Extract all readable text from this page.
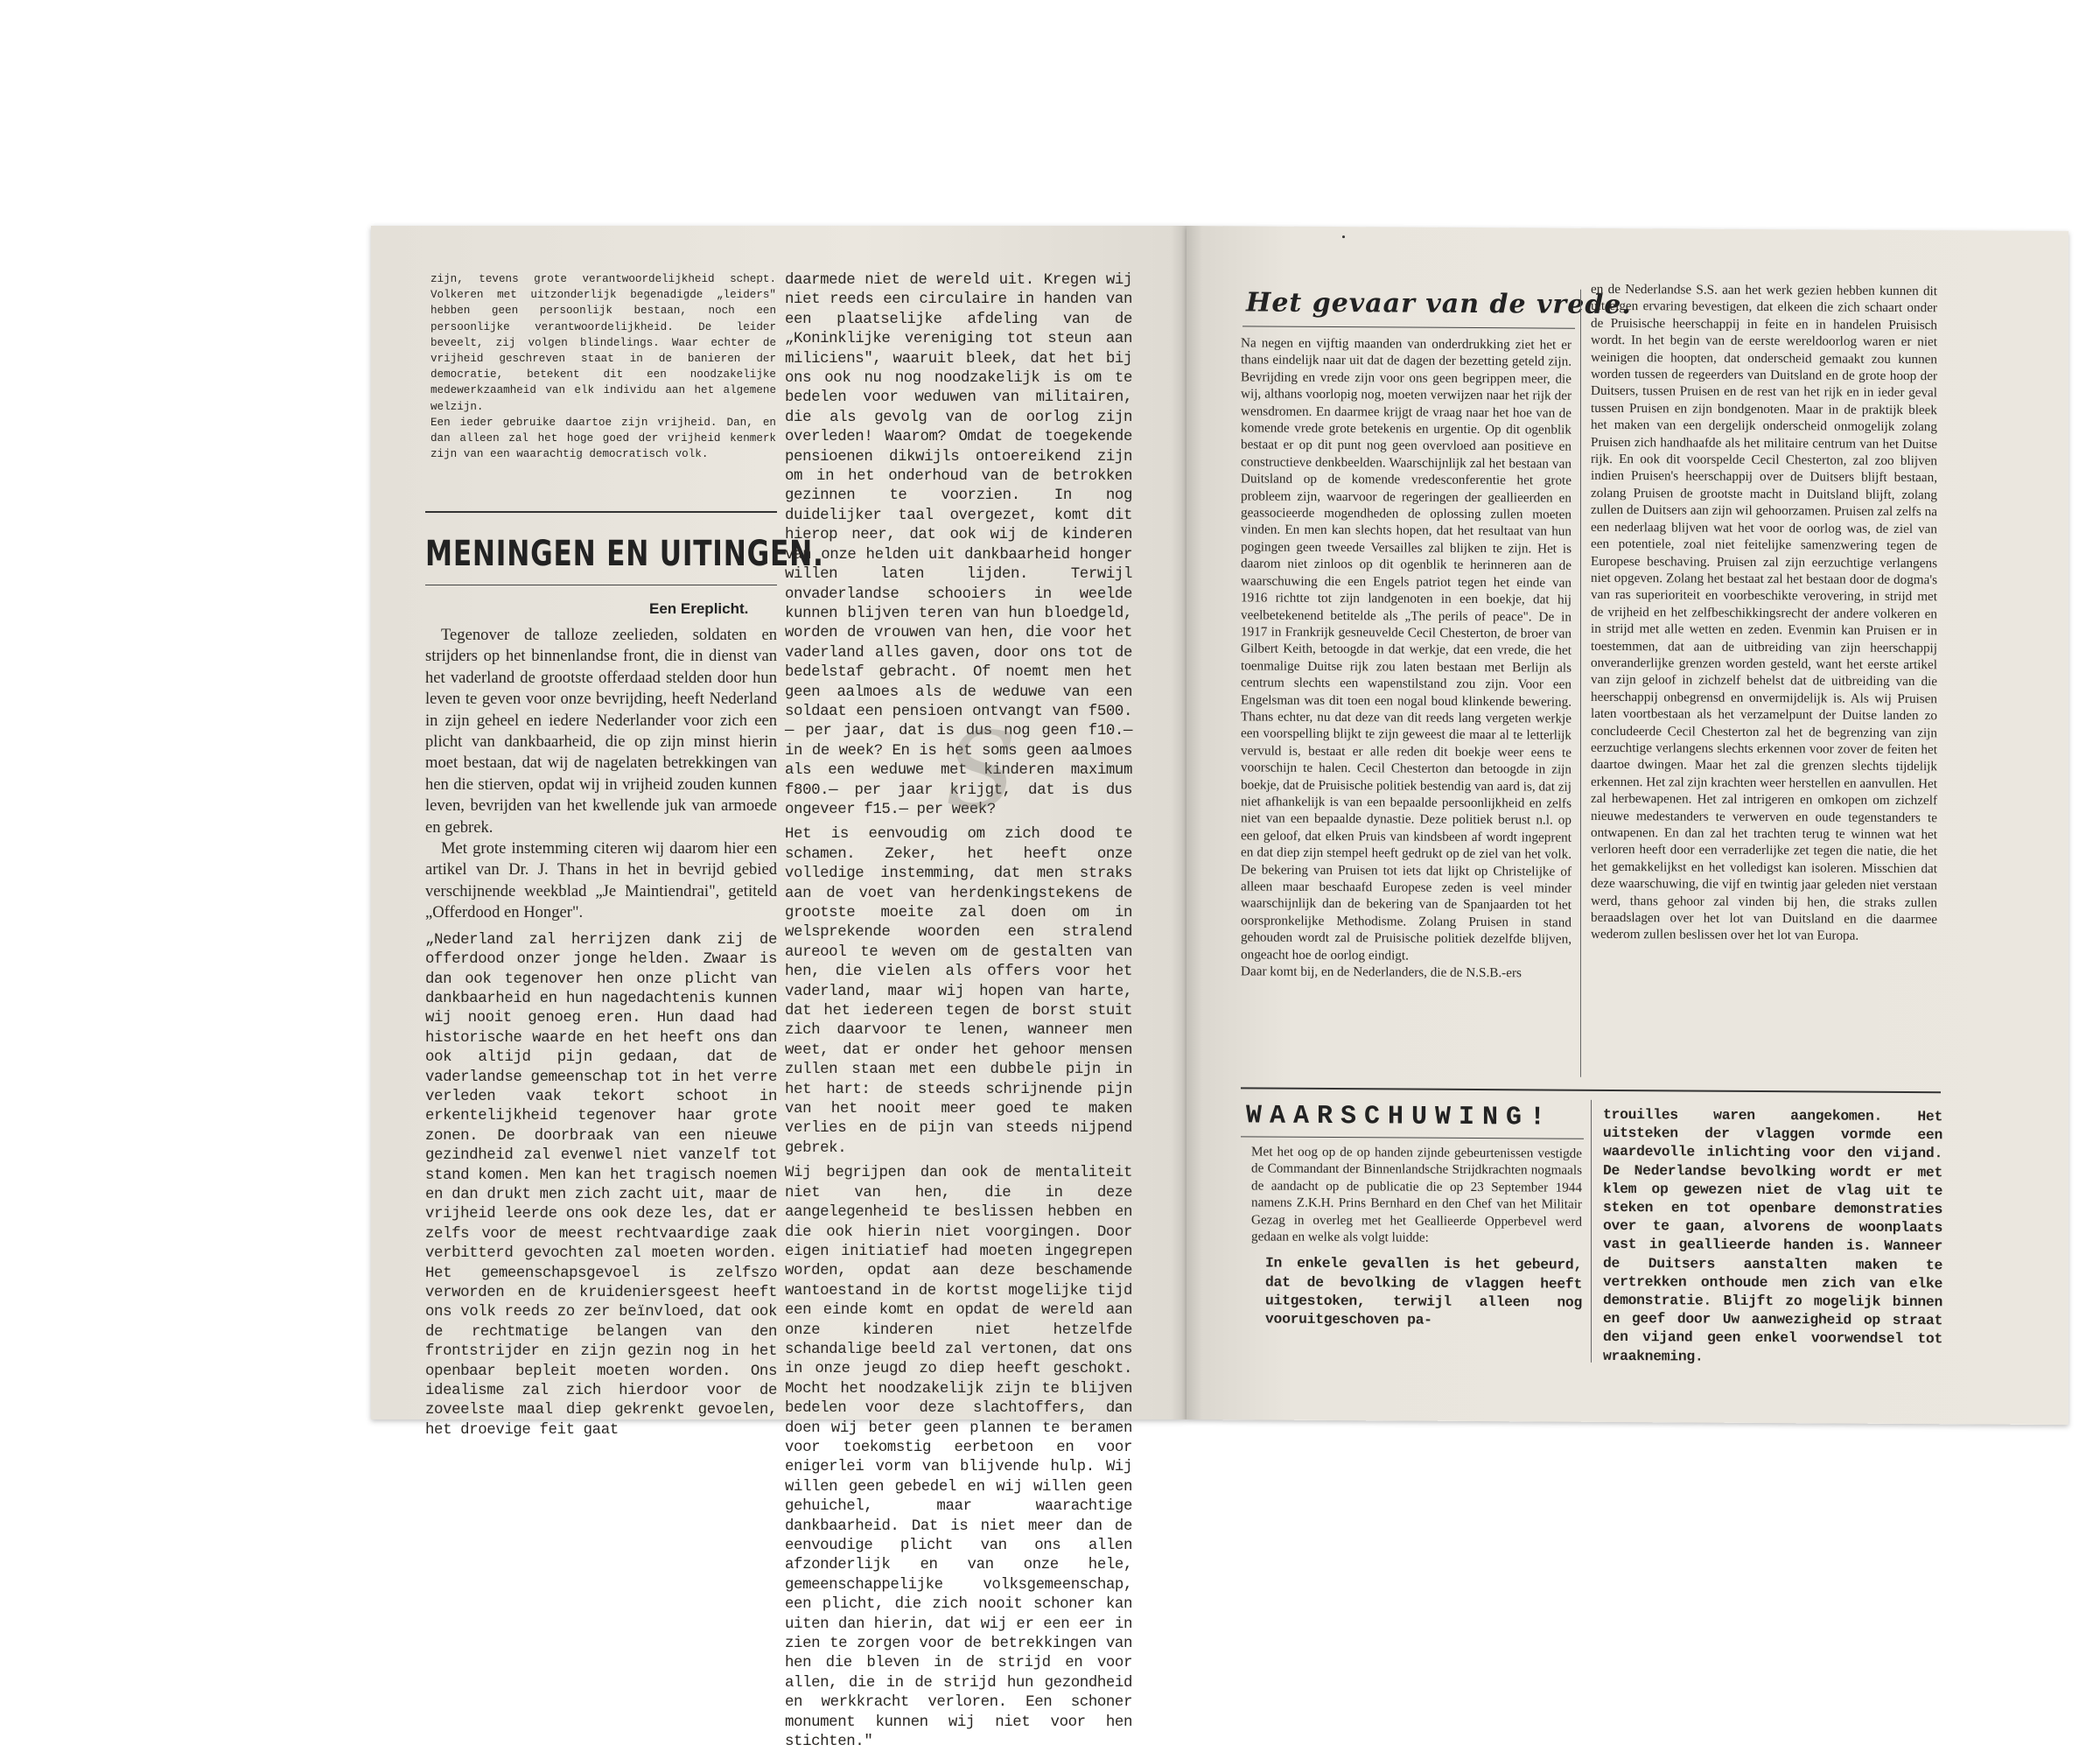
zijn, tevens grote verantwoordelijkheid schept. Volkeren met uitzonderlijk begenadigde „leiders" hebben geen persoonlijk bestaan, noch een persoonlijke verantwoordelijkheid. De leider beveelt, zij volgen blindelings. Waar echter de vrijheid geschreven staat in de banieren der democratie, betekent dit een noodzakelijke medewerkzaamheid van elk individu aan het algemene welzijn.

Een ieder gebruike daartoe zijn vrijheid. Dan, en dan alleen zal het hoge goed der vrijheid kenmerk zijn van een waarachtig democratisch volk.

MENINGEN EN UITINGEN.
Een Ereplicht.

Tegenover de talloze zeelieden, soldaten en strijders op het binnenlandse front, die in dienst van het vaderland de grootste offerdaad stelden door hun leven te geven voor onze bevrijding, heeft Nederland in zijn geheel en iedere Nederlander voor zich een plicht van dankbaarheid, die op zijn minst hierin moet bestaan, dat wij de nagelaten betrekkingen van hen die stierven, opdat wij in vrijheid zouden kunnen leven, bevrijden van het kwellende juk van armoede en gebrek.

Met grote instemming citeren wij daarom hier een artikel van Dr. J. Thans in het in bevrijd gebied verschijnende weekblad „Je Maintiendrai", getiteld „Offerdood en Honger".

„Nederland zal herrijzen dank zij de offerdood onzer jonge helden. Zwaar is dan ook tegenover hen onze plicht van dankbaarheid en hun nagedachtenis kunnen wij nooit genoeg eren. Hun daad had historische waarde en het heeft ons dan ook altijd pijn gedaan, dat de vaderlandse gemeenschap tot in het verre verleden vaak tekort schoot in erkentelijkheid tegenover haar grote zonen. De doorbraak van een nieuwe gezindheid zal evenwel niet vanzelf tot stand komen. Men kan het tragisch noemen en dan drukt men zich zacht uit, maar de vrijheid leerde ons ook deze les, dat er zelfs voor de meest rechtvaardige zaak verbitterd gevochten zal moeten worden. Het gemeenschapsgevoel is zelfszo verworden en de kruideniersgeest heeft ons volk reeds zo zer beïnvloed, dat ook de rechtmatige belangen van den frontstrijder en zijn gezin nog in het openbaar bepleit moeten worden. Ons idealisme zal zich hierdoor voor de zoveelste maal diep gekrenkt gevoelen, het droevige feit gaat

daarmede niet de wereld uit. Kregen wij niet reeds een circulaire in handen van een plaatselijke afdeling van de „Koninklijke vereniging tot steun aan miliciens", waaruit bleek, dat het bij ons ook nu nog noodzakelijk is om te bedelen voor weduwen van militairen, die als gevolg van de oorlog zijn overleden! Waarom? Omdat de toegekende pensioenen dikwijls ontoereikend zijn om in het onderhoud van de betrokken gezinnen te voorzien. In nog duidelijker taal overgezet, komt dit hierop neer, dat ook wij de kinderen van onze helden uit dankbaarheid honger willen laten lijden. Terwijl onvaderlandse schooiers in weelde kunnen blijven teren van hun bloedgeld, worden de vrouwen van hen, die voor het vaderland alles gaven, door ons tot de bedelstaf gebracht. Of noemt men het geen aalmoes als de weduwe van een soldaat een pensioen ontvangt van f500.— per jaar, dat is dus nog geen f10.— in de week? En is het soms geen aalmoes als een weduwe met kinderen maximum f800.— per jaar krijgt, dat is dus ongeveer f15.— per week?

Het is eenvoudig om zich dood te schamen. Zeker, het heeft onze volledige instemming, dat men straks aan de voet van herdenkingstekens de grootste moeite zal doen om in welsprekende woorden een stralend aureool te weven om de gestalten van hen, die vielen als offers voor het vaderland, maar wij hopen van harte, dat het iedereen tegen de borst stuit zich daarvoor te lenen, wanneer men weet, dat er onder het gehoor mensen zullen staan met een dubbele pijn in het hart: de steeds schrijnende pijn van het nooit meer goed te maken verlies en de pijn van steeds nijpend gebrek.

Wij begrijpen dan ook de mentaliteit niet van hen, die in deze aangelegenheid te beslissen hebben en die ook hierin niet voorgingen. Door eigen initiatief had moeten ingegrepen worden, opdat aan deze beschamende wantoestand in de kortst mogelijke tijd een einde komt en opdat de wereld aan onze kinderen niet hetzelfde schandalige beeld zal vertonen, dat ons in onze jeugd zo diep heeft geschokt. Mocht het noodzakelijk zijn te blijven bedelen voor deze slachtoffers, dan doen wij beter geen plannen te beramen voor toekomstig eerbetoon en voor enigerlei vorm van blijvende hulp. Wij willen geen gebedel en wij willen geen gehuichel, maar waarachtige dankbaarheid. Dat is niet meer dan de eenvoudige plicht van ons allen afzonderlijk en van onze hele, gemeenschappelijke volksgemeenschap, een plicht, die zich nooit schoner kan uiten dan hierin, dat wij er een eer in zien te zorgen voor de betrekkingen van hen die bleven in de strijd en voor allen, die in de strijd hun gezondheid en werkkracht verloren. Een schoner monument kunnen wij niet voor hen stichten."

Het gevaar van de vrede.

Na negen en vijftig maanden van onderdrukking ziet het er thans eindelijk naar uit dat de dagen der bezetting geteld zijn. Bevrijding en vrede zijn voor ons geen begrippen meer, die wij, althans voorlopig nog, moeten verwijzen naar het rijk der wensdromen. En daarmee krijgt de vraag naar het hoe van de komende vrede grote betekenis en urgentie. Op dit ogenblik bestaat er op dit punt nog geen overvloed aan positieve en constructieve denkbeelden. Waarschijnlijk zal het bestaan van Duitsland op de komende vredesconferentie het grote probleem zijn, waarvoor de regeringen der geallieerden en geassocieerde mogendheden de oplossing zullen moeten vinden. En men kan slechts hopen, dat het resultaat van hun pogingen geen tweede Versailles zal blijken te zijn. Het is daarom niet zinloos op dit ogenblik te herinneren aan de waarschuwing die een Engels patriot tegen het einde van 1916 richtte tot zijn landgenoten in een boekje, dat hij veelbetekenend betitelde als „The perils of peace". De in 1917 in Frankrijk gesneuvelde Cecil Chesterton, de broer van Gilbert Keith, betoogde in dat werkje, dat een vrede, die het toenmalige Duitse rijk zou laten bestaan met Berlijn als centrum slechts een wapenstilstand zou zijn. Voor een Engelsman was dit toen een nogal boud klinkende bewering. Thans echter, nu dat deze van dit reeds lang vergeten werkje een voorspelling blijkt te zijn geweest die maar al te letterlijk vervuld is, bestaat er alle reden dit boekje weer eens te voorschijn te halen. Cecil Chesterton dan betoogde in zijn boekje, dat de Pruisische politiek bestendig van aard is, dat zij niet afhankelijk is van een bepaalde persoonlijkheid en zelfs niet van een bepaalde dynastie. Deze politiek berust n.l. op een geloof, dat elken Pruis van kindsbeen af wordt ingeprent en dat diep zijn stempel heeft gedrukt op de ziel van het volk. De bekering van Pruisen tot iets dat lijkt op Christelijke of alleen maar beschaafd Europese zeden is veel minder waarschijnlijk dan de bekering van de Spanjaarden tot het oorspronkelijke Methodisme. Zolang Pruisen in stand gehouden wordt zal de Pruisische politiek dezelfde blijven, ongeacht hoe de oorlog eindigt.

Daar komt bij, en de Nederlanders, die de N.S.B.-ers

en de Nederlandse S.S. aan het werk gezien hebben kunnen dit uit eigen ervaring bevestigen, dat elkeen die zich schaart onder de Pruisische heerschappij in feite en in handelen Pruisisch wordt. In het begin van de eerste wereldoorlog waren er niet weinigen die hoopten, dat onderscheid gemaakt zou kunnen worden tussen de regeerders van Duitsland en de grote hoop der Duitsers, tussen Pruisen en de rest van het rijk en in ieder geval tussen Pruisen en zijn bondgenoten. Maar in de praktijk bleek het maken van een dergelijk onderscheid onmogelijk zolang Pruisen zich handhaafde als het militaire centrum van het Duitse rijk. En ook dit voorspelde Cecil Chesterton, zal zoo blijven indien Pruisen's heerschappij over de Duitsers blijft bestaan, zolang Pruisen de grootste macht in Duitsland blijft, zolang zullen de Duitsers aan zijn wil gehoorzamen. Pruisen zal zelfs na een nederlaag blijven wat het voor de oorlog was, de ziel van een potentiele, zoal niet feitelijke samenzwering tegen de Europese beschaving. Pruisen zal zijn eerzuchtige verlangens niet opgeven. Zolang het bestaat zal het bestaan door de dogma's van ras superioriteit en voorbeschikte verovering, in strijd met de vrijheid en het zelfbeschikkingsrecht der andere volkeren en in strijd met alle wetten en zeden. Evenmin kan Pruisen er in toestemmen, dat aan de uitbreiding van zijn heerschappij onveranderlijke grenzen worden gesteld, want het eerste artikel van zijn geloof in zichzelf behelst dat de uitbreiding van die heerschappij onbegrensd en onvermijdelijk is. Als wij Pruisen laten voortbestaan als het verzamelpunt der Duitse landen zo concludeerde Cecil Chesterton zal het de begrenzing van zijn eerzuchtige verlangens slechts erkennen voor zover de feiten het daartoe dwingen. Maar het zal die grenzen slechts tijdelijk erkennen. Het zal zijn krachten weer herstellen en aanvullen. Het zal herbewapenen. Het zal intrigeren en omkopen om zichzelf nieuwe medestanders te verwerven en oude tegenstanders te ontwapenen. En dan zal het trachten terug te winnen wat het verloren heeft door een verraderlijke zet tegen die natie, die het het gemakkelijkst en het volledigst kan isoleren. Misschien dat deze waarschuwing, die vijf en twintig jaar geleden niet verstaan werd, thans gehoor zal vinden bij hen, die straks zullen beraadslagen over het lot van Duitsland en die daarmee wederom zullen beslissen over het lot van Europa.

WAARSCHUWING!

Met het oog op de op handen zijnde gebeurtenissen vestigde de Commandant der Binnenlandsche Strijdkrachten nogmaals de aandacht op de publicatie die op 23 September 1944 namens Z.K.H. Prins Bernhard en den Chef van het Militair Gezag in overleg met het Geallieerde Opperbevel werd gedaan en welke als volgt luidde:

In enkele gevallen is het gebeurd, dat de bevolking de vlaggen heeft uitgestoken, terwijl alleen nog vooruitgeschoven pa-

trouilles waren aangekomen. Het uitsteken der vlaggen vormde een waardevolle inlichting voor den vijand. De Nederlandse bevolking wordt er met klem op gewezen niet de vlag uit te steken en tot openbare demonstraties over te gaan, alvorens de woonplaats vast in geallieerde handen is. Wanneer de Duitsers aanstalten maken te vertrekken onthoude men zich van elke demonstratie. Blijft zo mogelijk binnen en geef door Uw aanwezigheid op straat den vijand geen enkel voorwendsel tot wraakneming.

S
